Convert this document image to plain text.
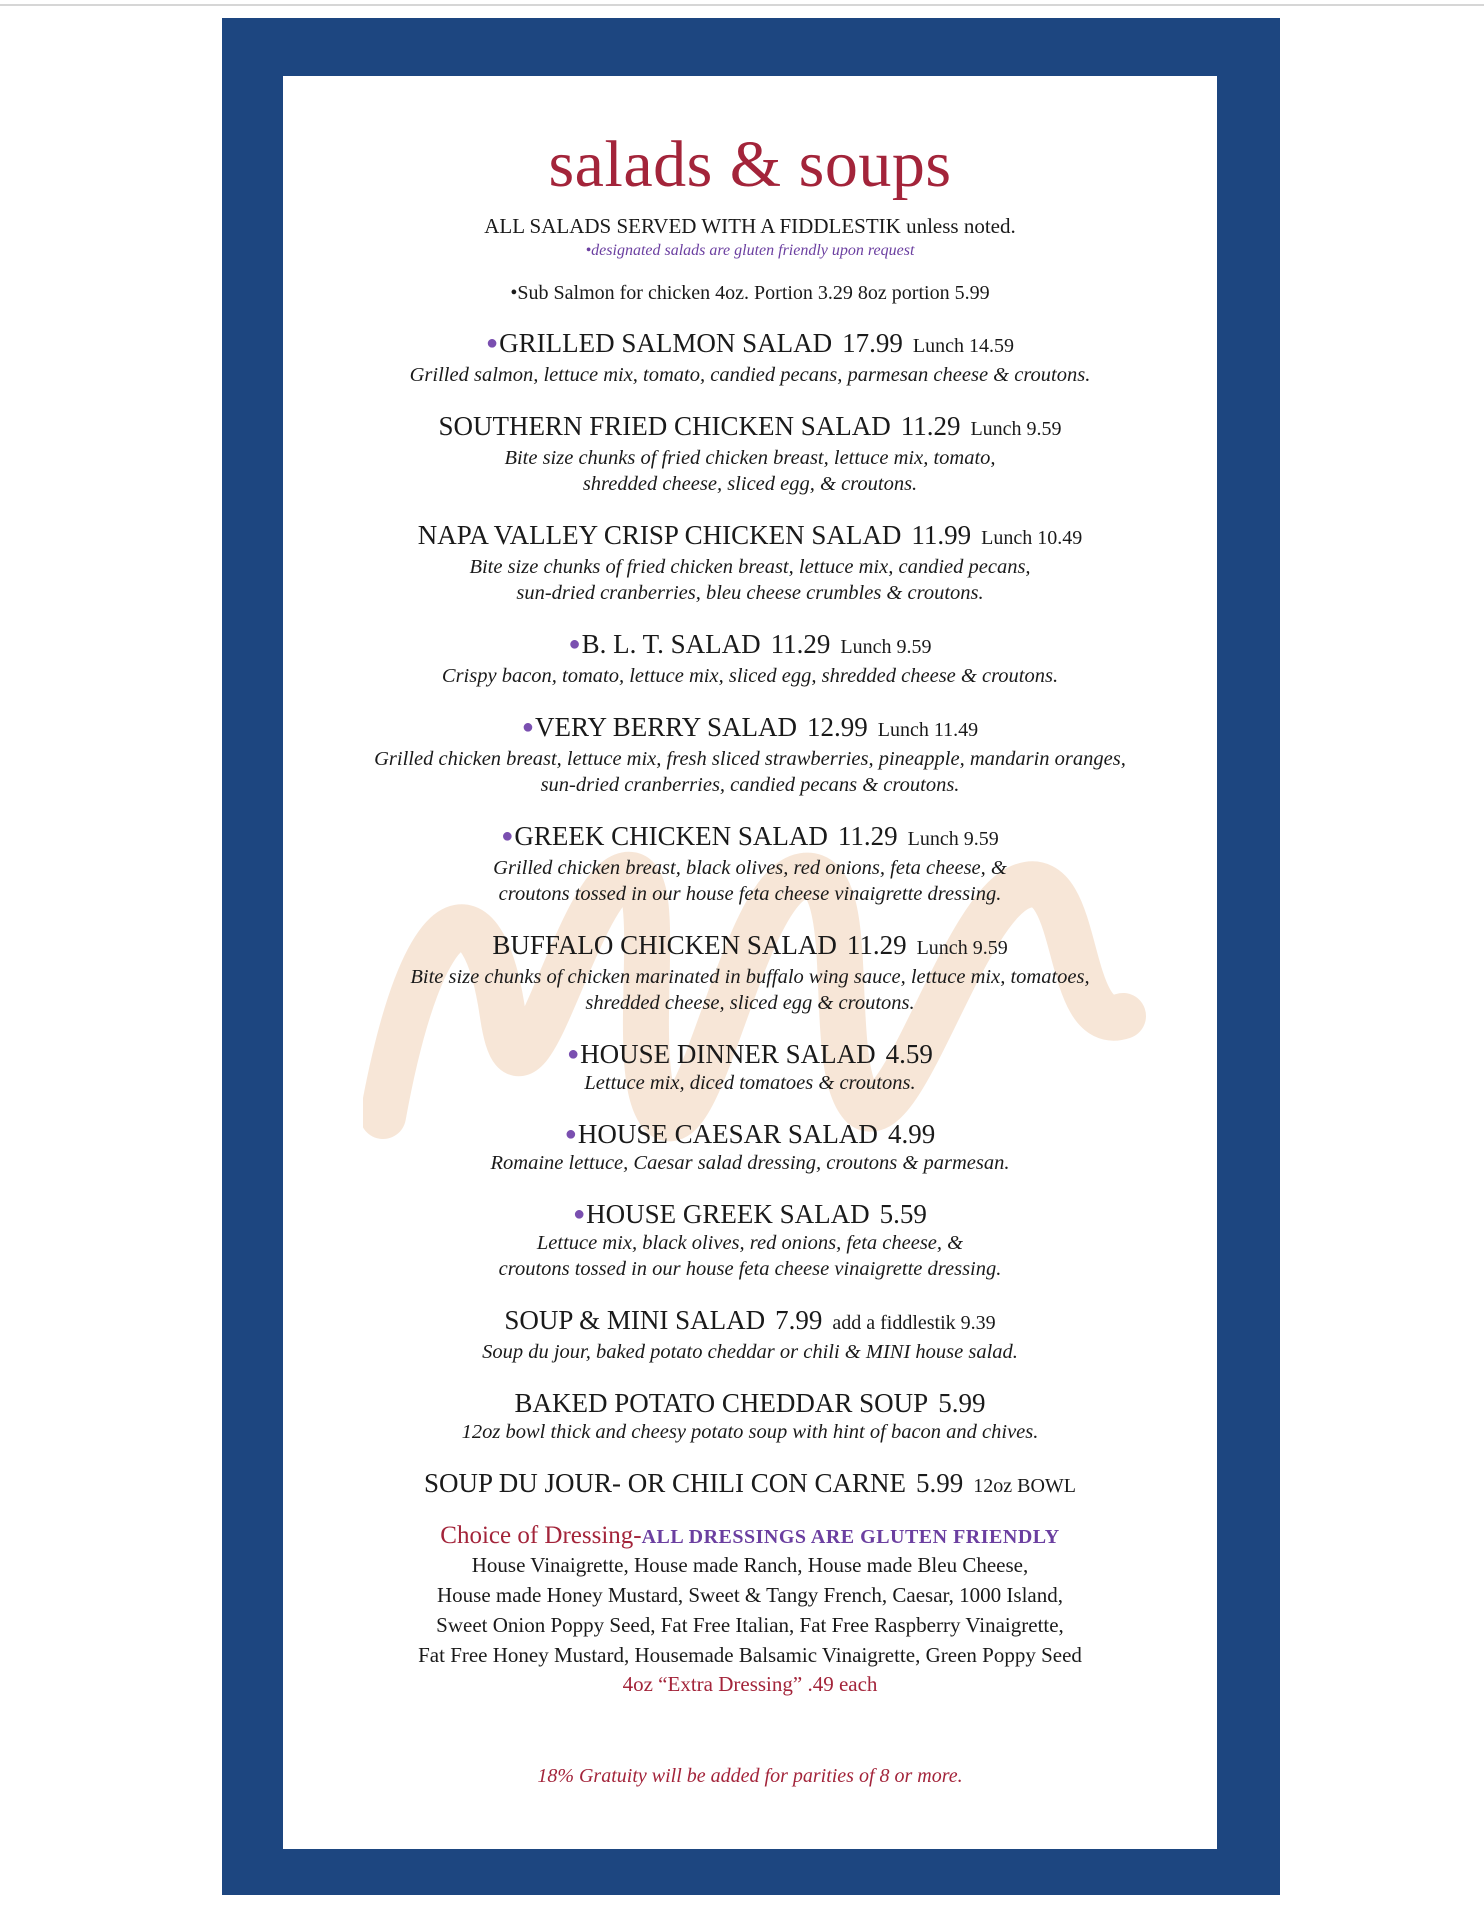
salads & soups
ALL SALADS SERVED WITH A FIDDLESTIK unless noted.
•designated salads are gluten friendly upon request
•Sub Salmon for chicken 4oz. Portion 3.29 8oz portion 5.99
●GRILLED SALMON SALAD 17.99 Lunch 14.59
Grilled salmon, lettuce mix, tomato, candied pecans, parmesan cheese & croutons.
SOUTHERN FRIED CHICKEN SALAD 11.29 Lunch 9.59
Bite size chunks of fried chicken breast, lettuce mix, tomato,
shredded cheese, sliced egg, & croutons.
NAPA VALLEY CRISP CHICKEN SALAD 11.99 Lunch 10.49
Bite size chunks of fried chicken breast, lettuce mix, candied pecans,
sun-dried cranberries, bleu cheese crumbles & croutons.
●B. L. T. SALAD 11.29 Lunch 9.59
Crispy bacon, tomato, lettuce mix, sliced egg, shredded cheese & croutons.
●VERY BERRY SALAD 12.99 Lunch 11.49
Grilled chicken breast, lettuce mix, fresh sliced strawberries, pineapple, mandarin oranges,
sun-dried cranberries, candied pecans & croutons.
●GREEK CHICKEN SALAD 11.29 Lunch 9.59
Grilled chicken breast, black olives, red onions, feta cheese, &
croutons tossed in our house feta cheese vinaigrette dressing.
BUFFALO CHICKEN SALAD 11.29 Lunch 9.59
Bite size chunks of chicken marinated in buffalo wing sauce, lettuce mix, tomatoes,
shredded cheese, sliced egg & croutons.
●HOUSE DINNER SALAD 4.59
Lettuce mix, diced tomatoes & croutons.
●HOUSE CAESAR SALAD 4.99
Romaine lettuce, Caesar salad dressing, croutons & parmesan.
●HOUSE GREEK SALAD 5.59
Lettuce mix, black olives, red onions, feta cheese, &
croutons tossed in our house feta cheese vinaigrette dressing.
SOUP & MINI SALAD 7.99 add a fiddlestik 9.39
Soup du jour, baked potato cheddar or chili & MINI house salad.
BAKED POTATO CHEDDAR SOUP 5.99
12oz bowl thick and cheesy potato soup with hint of bacon and chives.
SOUP DU JOUR- OR CHILI CON CARNE 5.99 12oz BOWL
Choice of Dressing-ALL DRESSINGS ARE GLUTEN FRIENDLY
House Vinaigrette, House made Ranch, House made Bleu Cheese,
House made Honey Mustard, Sweet & Tangy French, Caesar, 1000 Island,
Sweet Onion Poppy Seed, Fat Free Italian, Fat Free Raspberry Vinaigrette,
Fat Free Honey Mustard, Housemade Balsamic Vinaigrette, Green Poppy Seed
4oz “Extra Dressing” .49 each
18% Gratuity will be added for parities of 8 or more.
